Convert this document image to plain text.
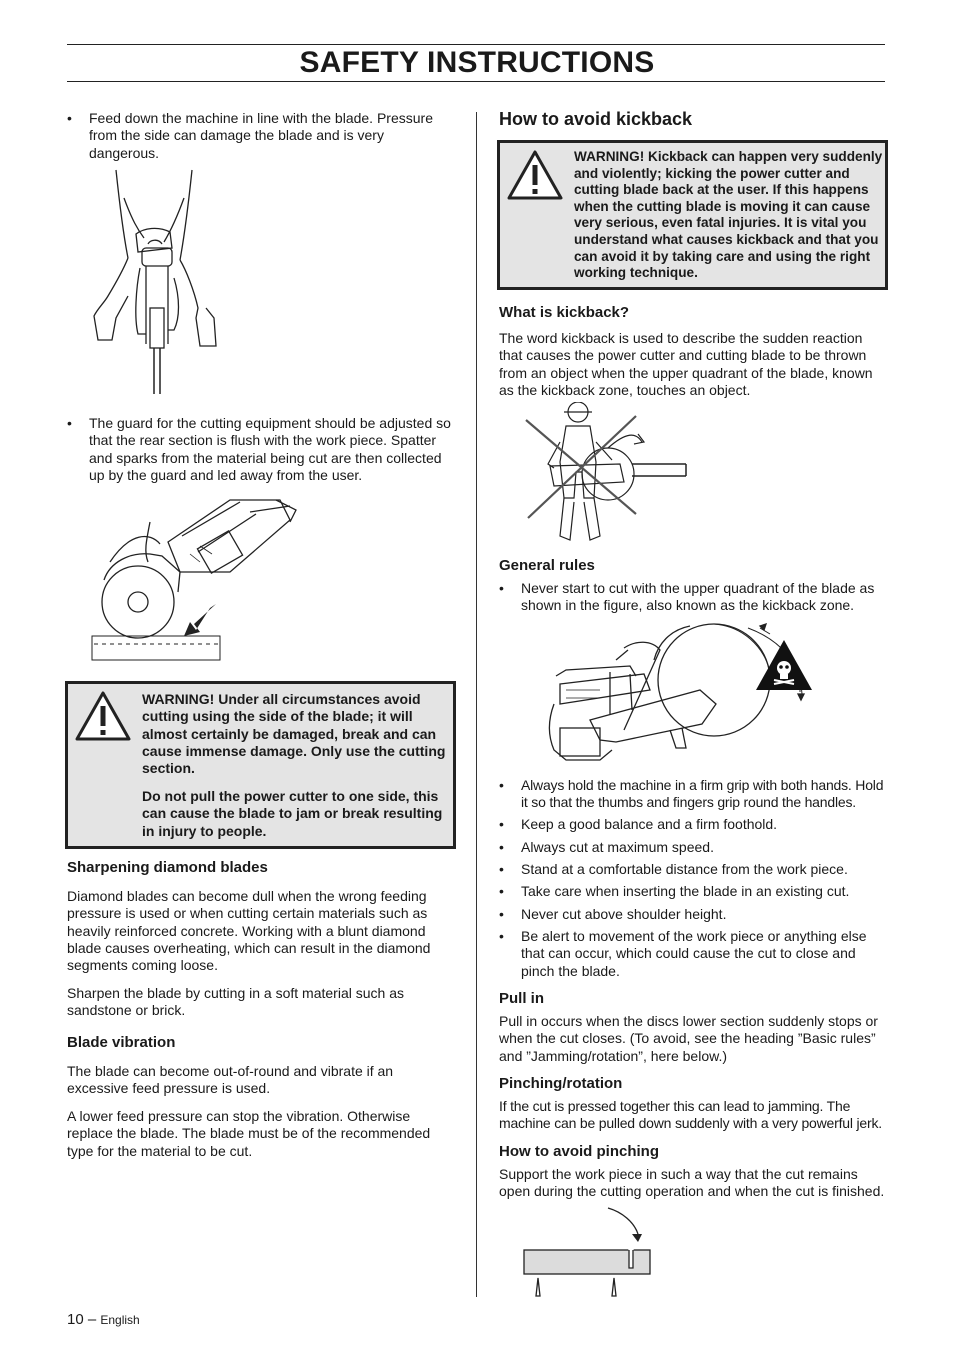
SAFETY INSTRUCTIONS
•	Feed down the machine in line with the blade. Pressure from the side can damage the blade and is very dangerous.
•	The guard for the cutting equipment should be adjusted so that the rear section is flush with the work piece. Spatter and sparks from the material being cut are then collected up by the guard and led away from the user.
WARNING! Under all circumstances avoid cutting using the side of the blade; it will almost certainly be damaged, break and can cause immense damage. Only use the cutting section.
Do not pull the power cutter to one side, this can cause the blade to jam or break resulting in injury to people.
Sharpening diamond blades

Diamond blades can become dull when the wrong feeding pressure is used or when cutting certain materials such as heavily reinforced concrete. Working with a blunt diamond blade causes overheating, which can result in the diamond segments coming loose.

Sharpen the blade by cutting in a soft material such as sandstone or brick.

Blade vibration

The blade can become out-of-round and vibrate if an excessive feed pressure is used.

A lower feed pressure can stop the vibration. Otherwise replace the blade. The blade must be of the recommended type for the material to be cut.

How to avoid kickback
WARNING! Kickback can happen very suddenly and violently; kicking the power cutter and cutting blade back at the user. If this happens when the cutting blade is moving it can cause very serious, even fatal injuries. It is vital you understand what causes kickback and that you can avoid it by taking care and using the right working technique.
What is kickback?

The word kickback is used to describe the sudden reaction that causes the power cutter and cutting blade to be thrown from an object when the upper quadrant of the blade, known as the kickback zone, touches an object.

General rules
•	Never start to cut with the upper quadrant of the blade as shown in the figure, also known as the kickback zone.
•	Always hold the machine in a firm grip with both hands. Hold it so that the thumbs and fingers grip round the handles.
•	Keep a good balance and a firm foothold.
•	Always cut at maximum speed.
•	Stand at a comfortable distance from the work piece.
•	Take care when inserting the blade in an existing cut.
•	Never cut above shoulder height.
•	Be alert to movement of the work piece or anything else that can occur, which could cause the cut to close and pinch the blade.
Pull in

Pull in occurs when the discs lower section suddenly stops or when the cut closes. (To avoid, see the heading ”Basic rules” and ”Jamming/rotation”, here below.)

Pinching/rotation

If the cut is pressed together this can lead to jamming. The machine can be pulled down suddenly with a very powerful jerk.

How to avoid pinching

Support the work piece in such a way that the cut remains open during the cutting operation and when the cut is finished.

10 – English
